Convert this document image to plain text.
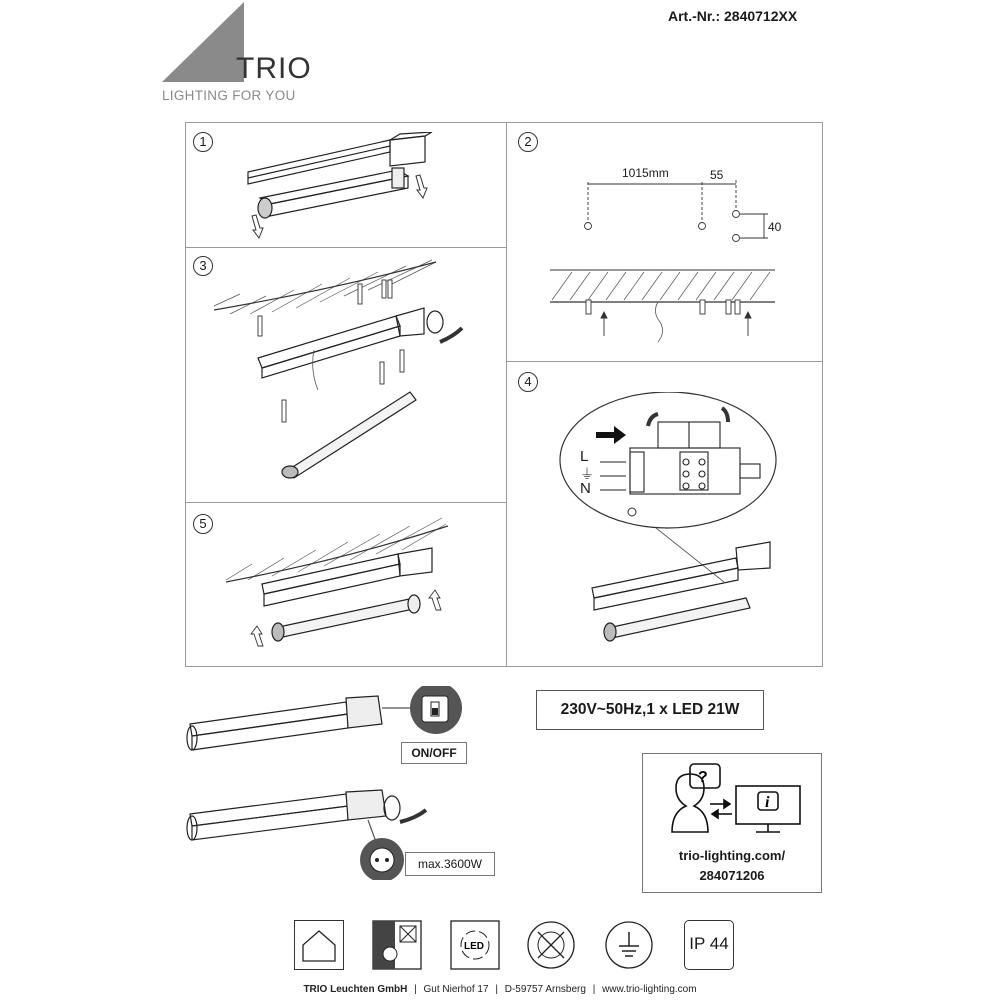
Art.-Nr.: 2840712XX
TRIO
LIGHTING FOR YOU
1	2
3
4
5
1015mm	55
40
L
⏚
N
ON/OFF
230V~50Hz,1 x LED 21W
max.3600W
?
i
trio-lighting.com/
284071206
LED	IP 44
TRIO Leuchten GmbH | Gut Nierhof 17 | D-59757 Arnsberg | www.trio-lighting.com
